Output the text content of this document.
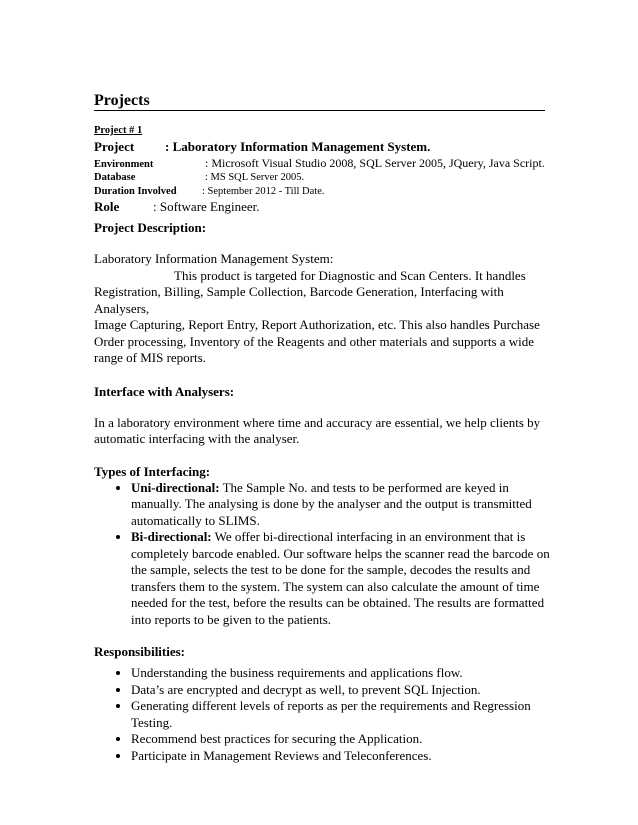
Projects
Project # 1
Project : Laboratory Information Management System.
Environment	: Microsoft Visual Studio 2008, SQL Server 2005, JQuery, Java Script.
Database	: MS SQL Server 2005.
Duration Involved : September 2012 - Till Date.
Role	: Software Engineer.

Project Description:

Laboratory Information Management System:

This product is targeted for Diagnostic and Scan Centers. It handles

Registration, Billing, Sample Collection, Barcode Generation, Interfacing with Analysers,

Image Capturing, Report Entry, Report Authorization, etc. This also handles Purchase

Order processing, Inventory of the Reagents and other materials and supports a wide

range of MIS reports.

Interface with Analysers:

In a laboratory environment where time and accuracy are essential, we help clients by

automatic interfacing with the analyser.

Types of Interfacing:

• Uni-directional: The Sample No. and tests to be performed are keyed in
manually. The analysing is done by the analyser and the output is transmitted
automatically to SLIMS.
• Bi-directional: We offer bi-directional interfacing in an environment that is
completely barcode enabled. Our software helps the scanner read the barcode on
the sample, selects the test to be done for the sample, decodes the results and
transfers them to the system. The system can also calculate the amount of time
needed for the test, before the results can be obtained. The results are formatted
into reports to be given to the patients.

Responsibilities:

• Understanding the business requirements and applications flow.
• Data’s are encrypted and decrypt as well, to prevent SQL Injection.
• Generating different levels of reports as per the requirements and Regression
Testing.
• Recommend best practices for securing the Application.
• Participate in Management Reviews and Teleconferences.
